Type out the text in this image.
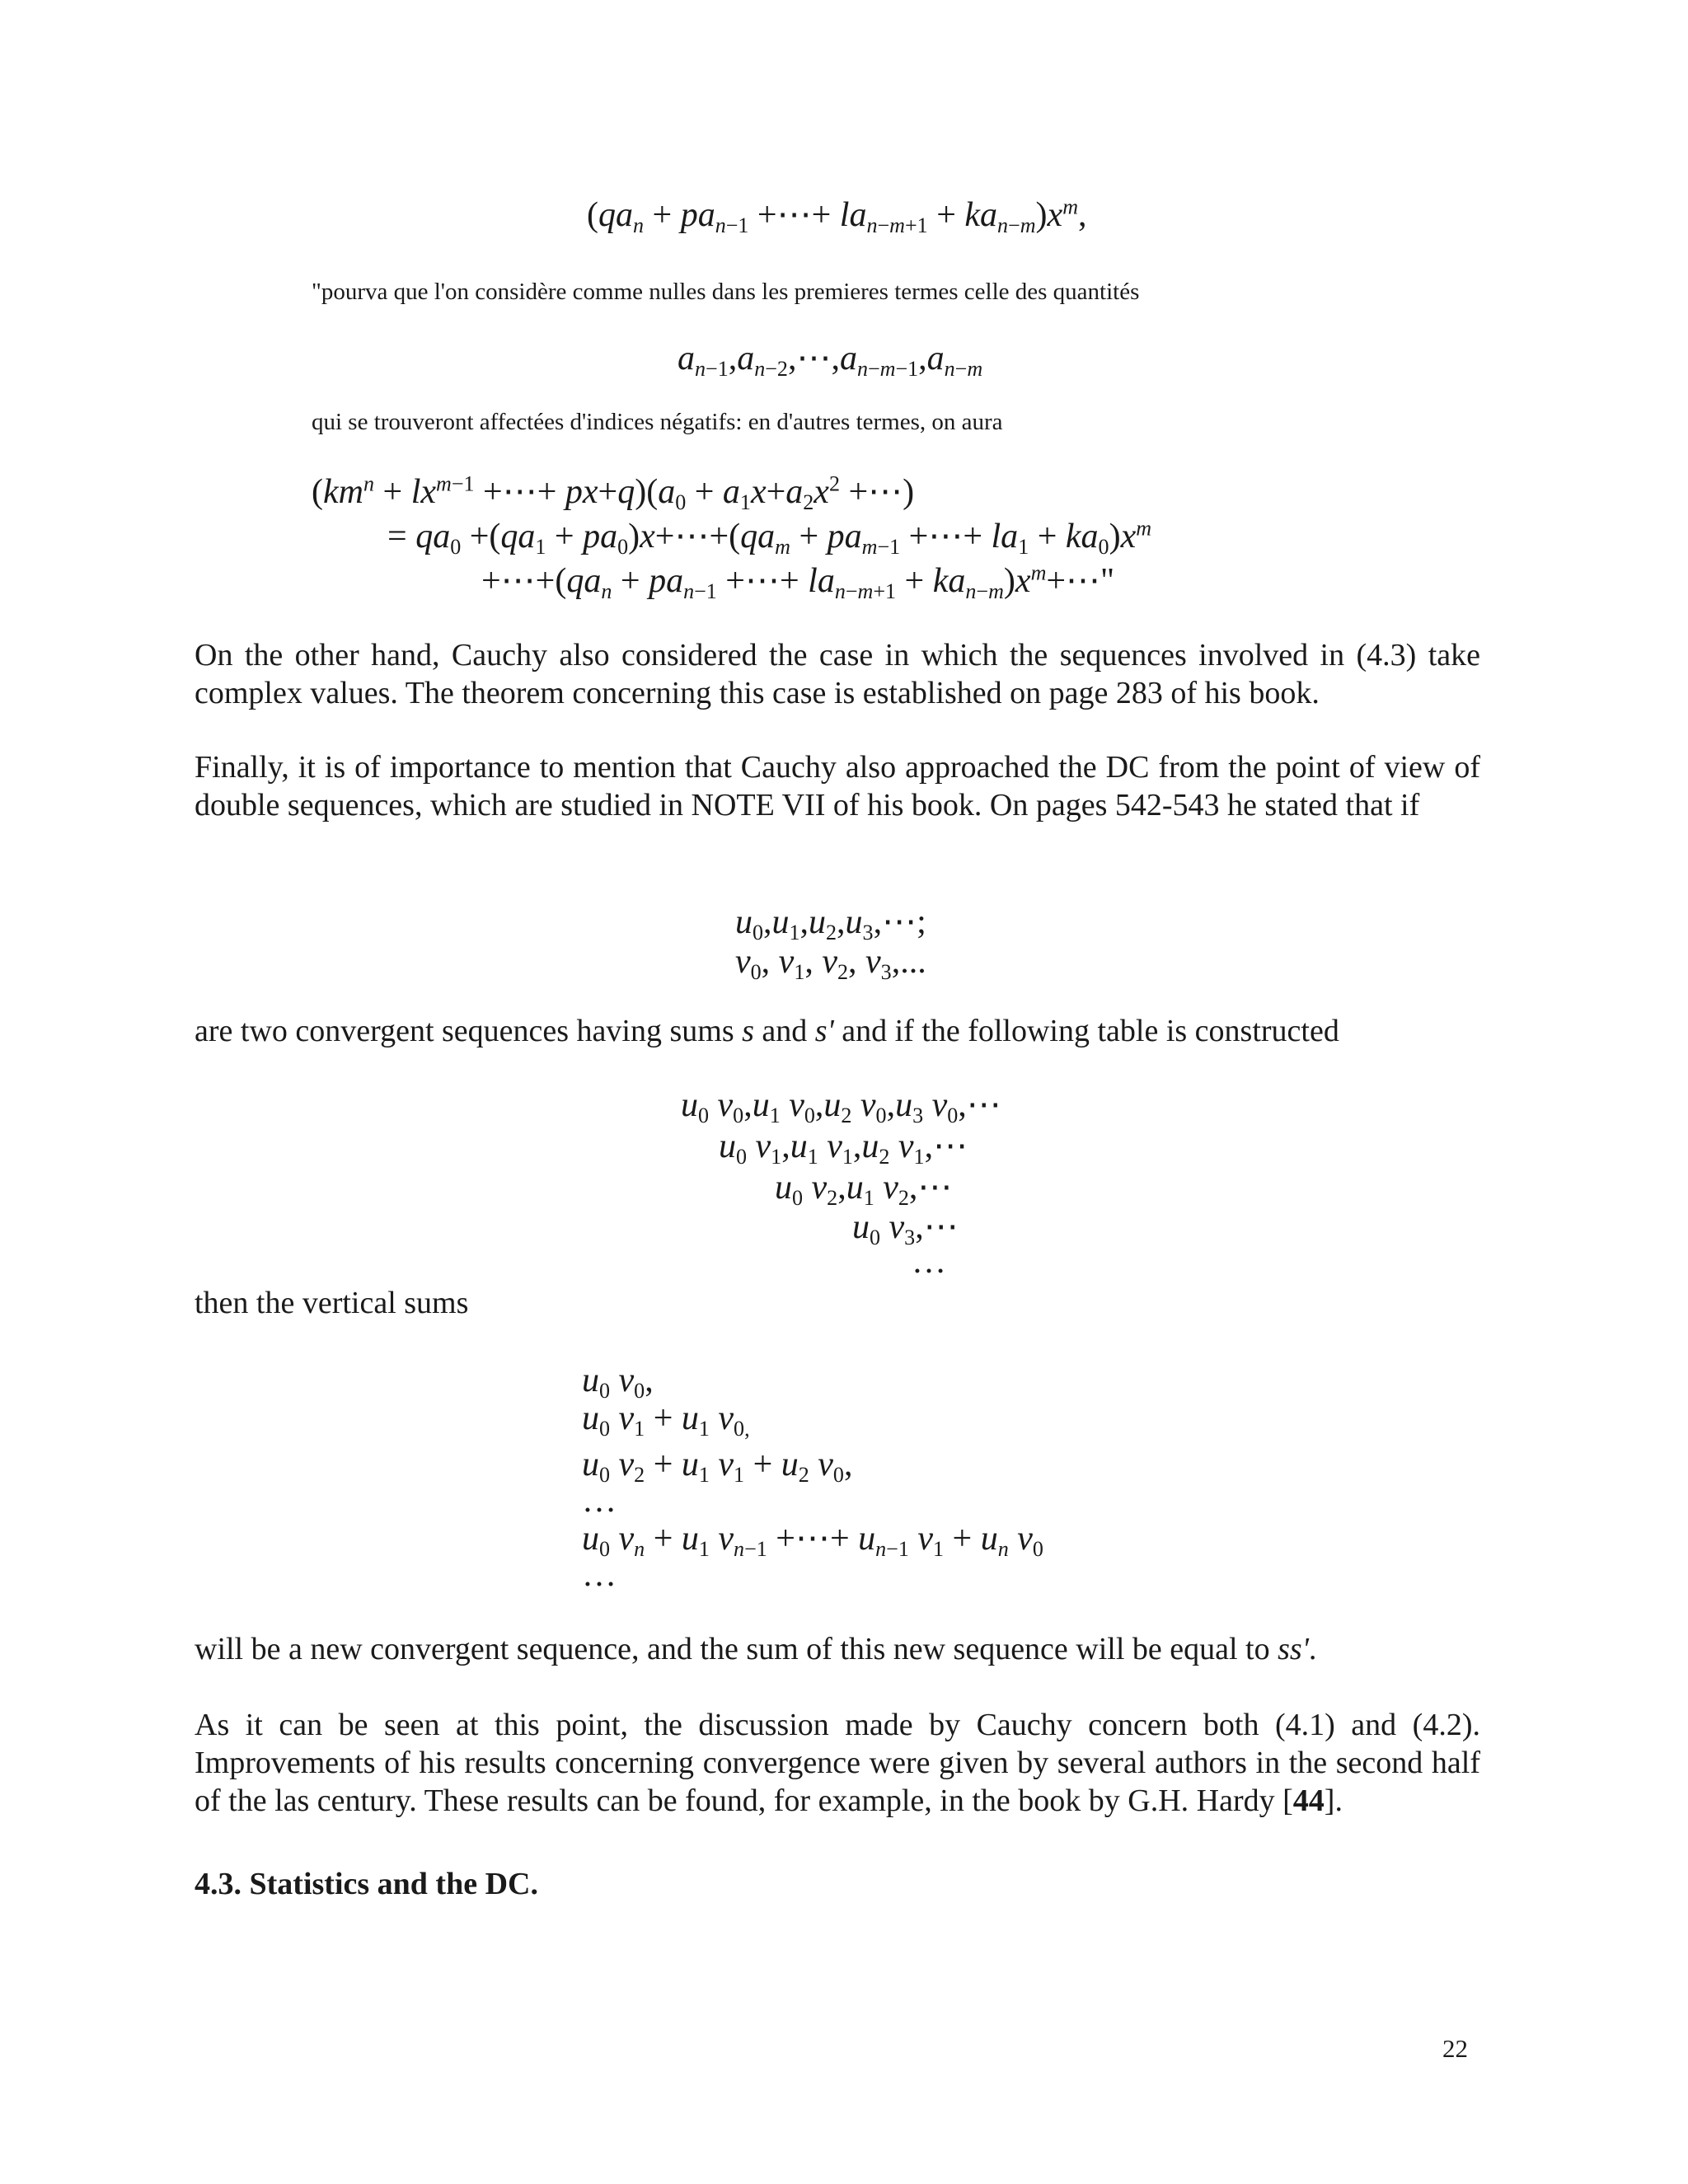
($qa_n + pa_{n-1}$ +⋯+ $la_{n-m+1} + ka_{n-m})x^m$,
"pourva que l'on considère comme nulles dans les premieres termes celle des quantités
$a_{n-1},a_{n-2},\cdots,a_{n-m-1},a_{n-m}$
qui se trouveront affectées d'indices négatifs: en d'autres termes, on aura
($km^n + lx^{m-1}$ +⋯+ $px+q)(a_0 + a_1x+a_2x^2$ +⋯)
= $qa_0 +(qa_1$ + $pa_0)x+\cdots+(qa_m + pa_{m-1}$ +⋯+ $la_1 + ka_0)x^m$
$+\cdots+(qa_n + pa_{n-1}$ +⋯+ $la_{n-m+1}$ + $ka_{n-m})x^m+\cdots$"

On the other hand, Cauchy also considered the case in which the sequences involved in (4.3) take complex values. The theorem concerning this case is established on page 283 of his book.

Finally, it is of importance to mention that Cauchy also approached the DC from the point of view of double sequences, which are studied in NOTE VII of his book. On pages 542-543 he stated that if

$u_0,u_1,u_2,u_3,\cdots$;
$v_0$, $v_1$, $v_2$, $v_3$,...

are two convergent sequences having sums s and s' and if the following table is constructed

$u_0$ $v_0,u_1$ $v_0,u_2$ $v_0,u_3$ $v_0,\cdots$
$u_0$ $v_1,u_1$ $v_1,u_2$ $v_1,\cdots$
$u_0$ $v_2,u_1$ $v_2,\cdots$
$u_0$ $v_3,\cdots$
…

then the vertical sums

$u_0$ $v_0$,
$u_0$ $v_1 + u_1$ $v_{0,}$
$u_0$ $v_2 + u_1$ $v_1 + u_2$ $v_0$,
…
$u_0$ $v_n + u_1$ $v_{n-1}$ +⋯+ $u_{n-1}$ $v_1 + u_n$ $v_0$
…

will be a new convergent sequence, and the sum of this new sequence will be equal to ss'.

As it can be seen at this point, the discussion made by Cauchy concern both (4.1) and (4.2). Improvements of his results concerning convergence were given by several authors in the second half of the las century. These results can be found, for example, in the book by G.H. Hardy [44].

4.3. Statistics and the DC.
22
